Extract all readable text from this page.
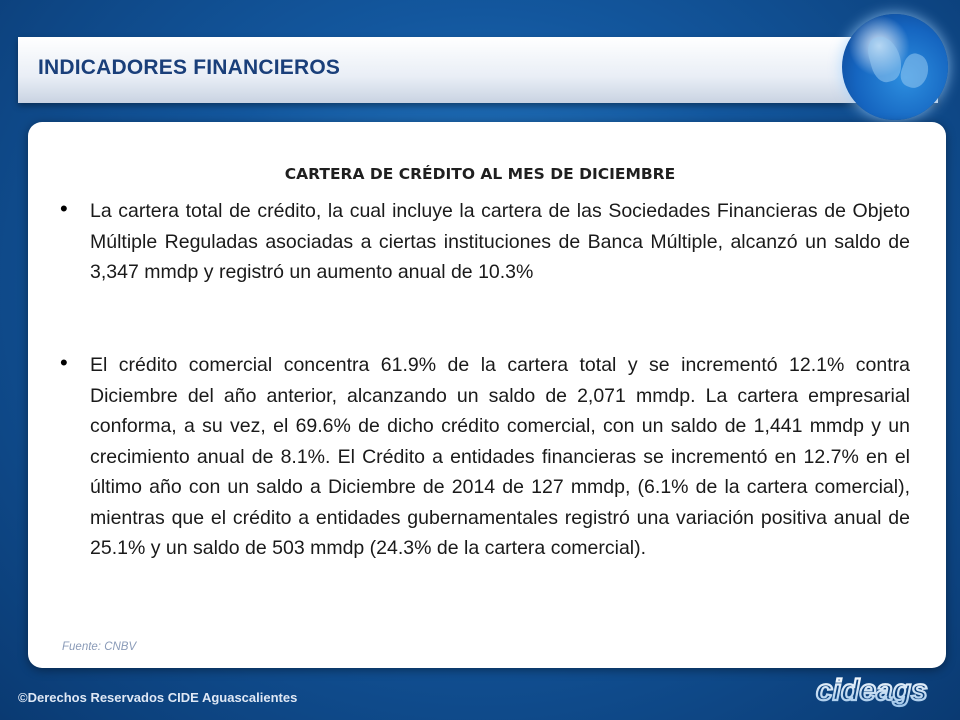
INDICADORES FINANCIEROS
CARTERA DE CRÉDITO AL MES DE DICIEMBRE
• La cartera total de crédito, la cual incluye la cartera de las Sociedades Financieras de Objeto Múltiple Reguladas asociadas a ciertas instituciones de Banca Múltiple, alcanzó un saldo de 3,347 mmdp y registró un aumento anual de 10.3%
• El crédito comercial concentra 61.9% de la cartera total y se incrementó 12.1% contra Diciembre del año anterior, alcanzando un saldo de 2,071 mmdp. La cartera empresarial conforma, a su vez, el 69.6% de dicho crédito comercial, con un saldo de 1,441 mmdp y un crecimiento anual de 8.1%. El Crédito a entidades financieras se incrementó en 12.7% en el último año con un saldo a Diciembre de 2014 de 127 mmdp, (6.1% de la cartera comercial), mientras que el crédito a entidades gubernamentales registró una variación positiva anual de 25.1% y un saldo de 503 mmdp (24.3% de la cartera comercial).
Fuente: CNBV
©Derechos Reservados CIDE Aguascalientes	cideags
